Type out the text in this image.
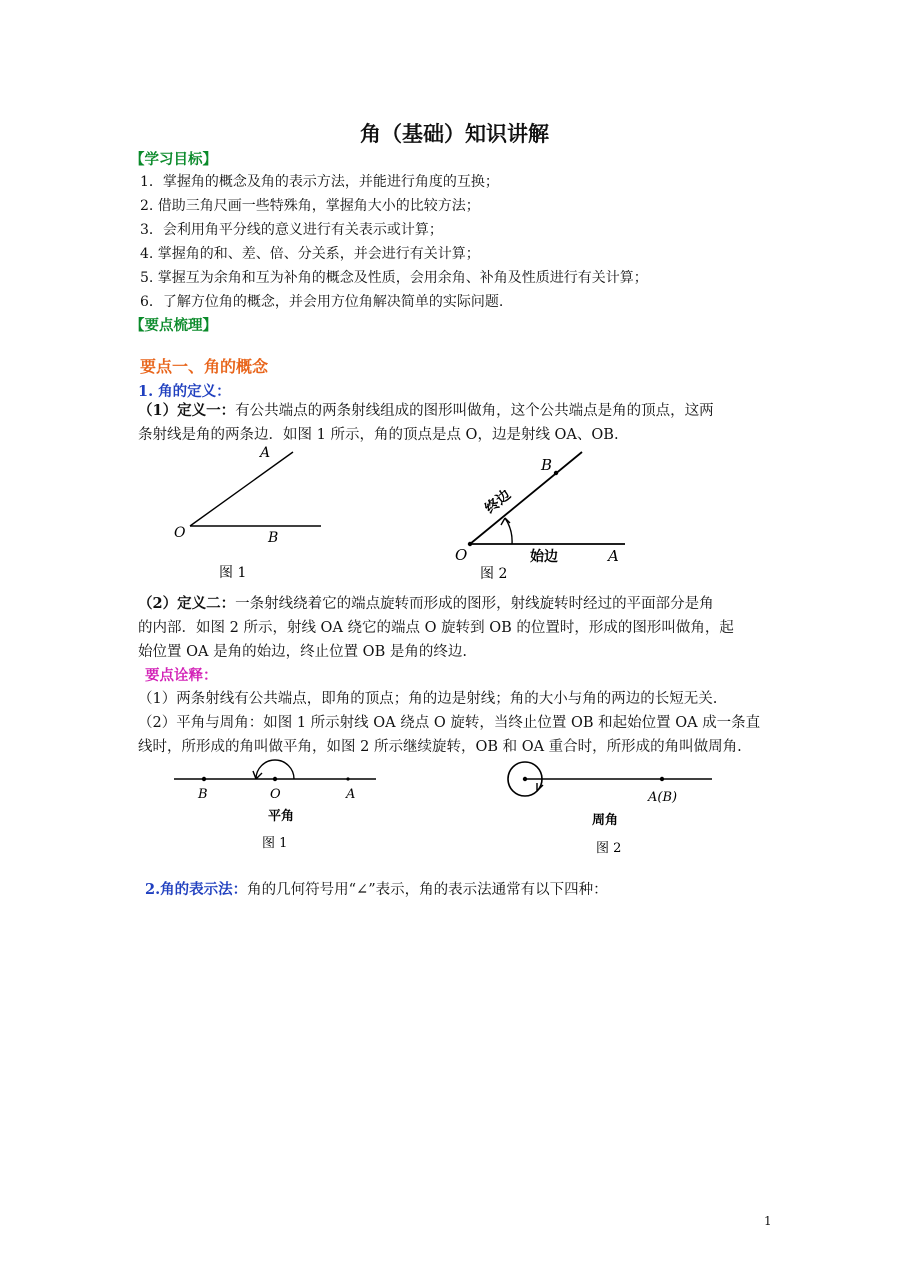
角（基础）知识讲解
【学习目标】
1．掌握角的概念及角的表示方法，并能进行角度的互换；
2. 借助三角尺画一些特殊角，掌握角大小的比较方法；
3．会利用角平分线的意义进行有关表示或计算；
4. 掌握角的和、差、倍、分关系，并会进行有关计算；
5. 掌握互为余角和互为补角的概念及性质，会用余角、补角及性质进行有关计算；
6．了解方位角的概念，并会用方位角解决简单的实际问题.
【要点梳理】
要点一、角的概念
1. 角的定义：
（1）定义一：有公共端点的两条射线组成的图形叫做角，这个公共端点是角的顶点，这两
条射线是角的两条边．如图 1 所示，角的顶点是点 O，边是射线 OA、OB.
A
O	B
图 1
B
O	A
终边
始边
图 2
（2）定义二：一条射线绕着它的端点旋转而形成的图形，射线旋转时经过的平面部分是角
的内部．如图 2 所示，射线 OA 绕它的端点 O 旋转到 OB 的位置时，形成的图形叫做角，起
始位置 OA 是角的始边，终止位置 OB 是角的终边.
要点诠释：
（1）两条射线有公共端点，即角的顶点；角的边是射线；角的大小与角的两边的长短无关.
（2）平角与周角：如图 1 所示射线 OA 绕点 O 旋转，当终止位置 OB 和起始位置 OA 成一条直
线时，所形成的角叫做平角，如图 2 所示继续旋转，OB 和 OA 重合时，所形成的角叫做周角.
B	O	A
平角
图 1
A(B)
周角
图 2
2.角的表示法：角的几何符号用“∠”表示，角的表示法通常有以下四种：
1
